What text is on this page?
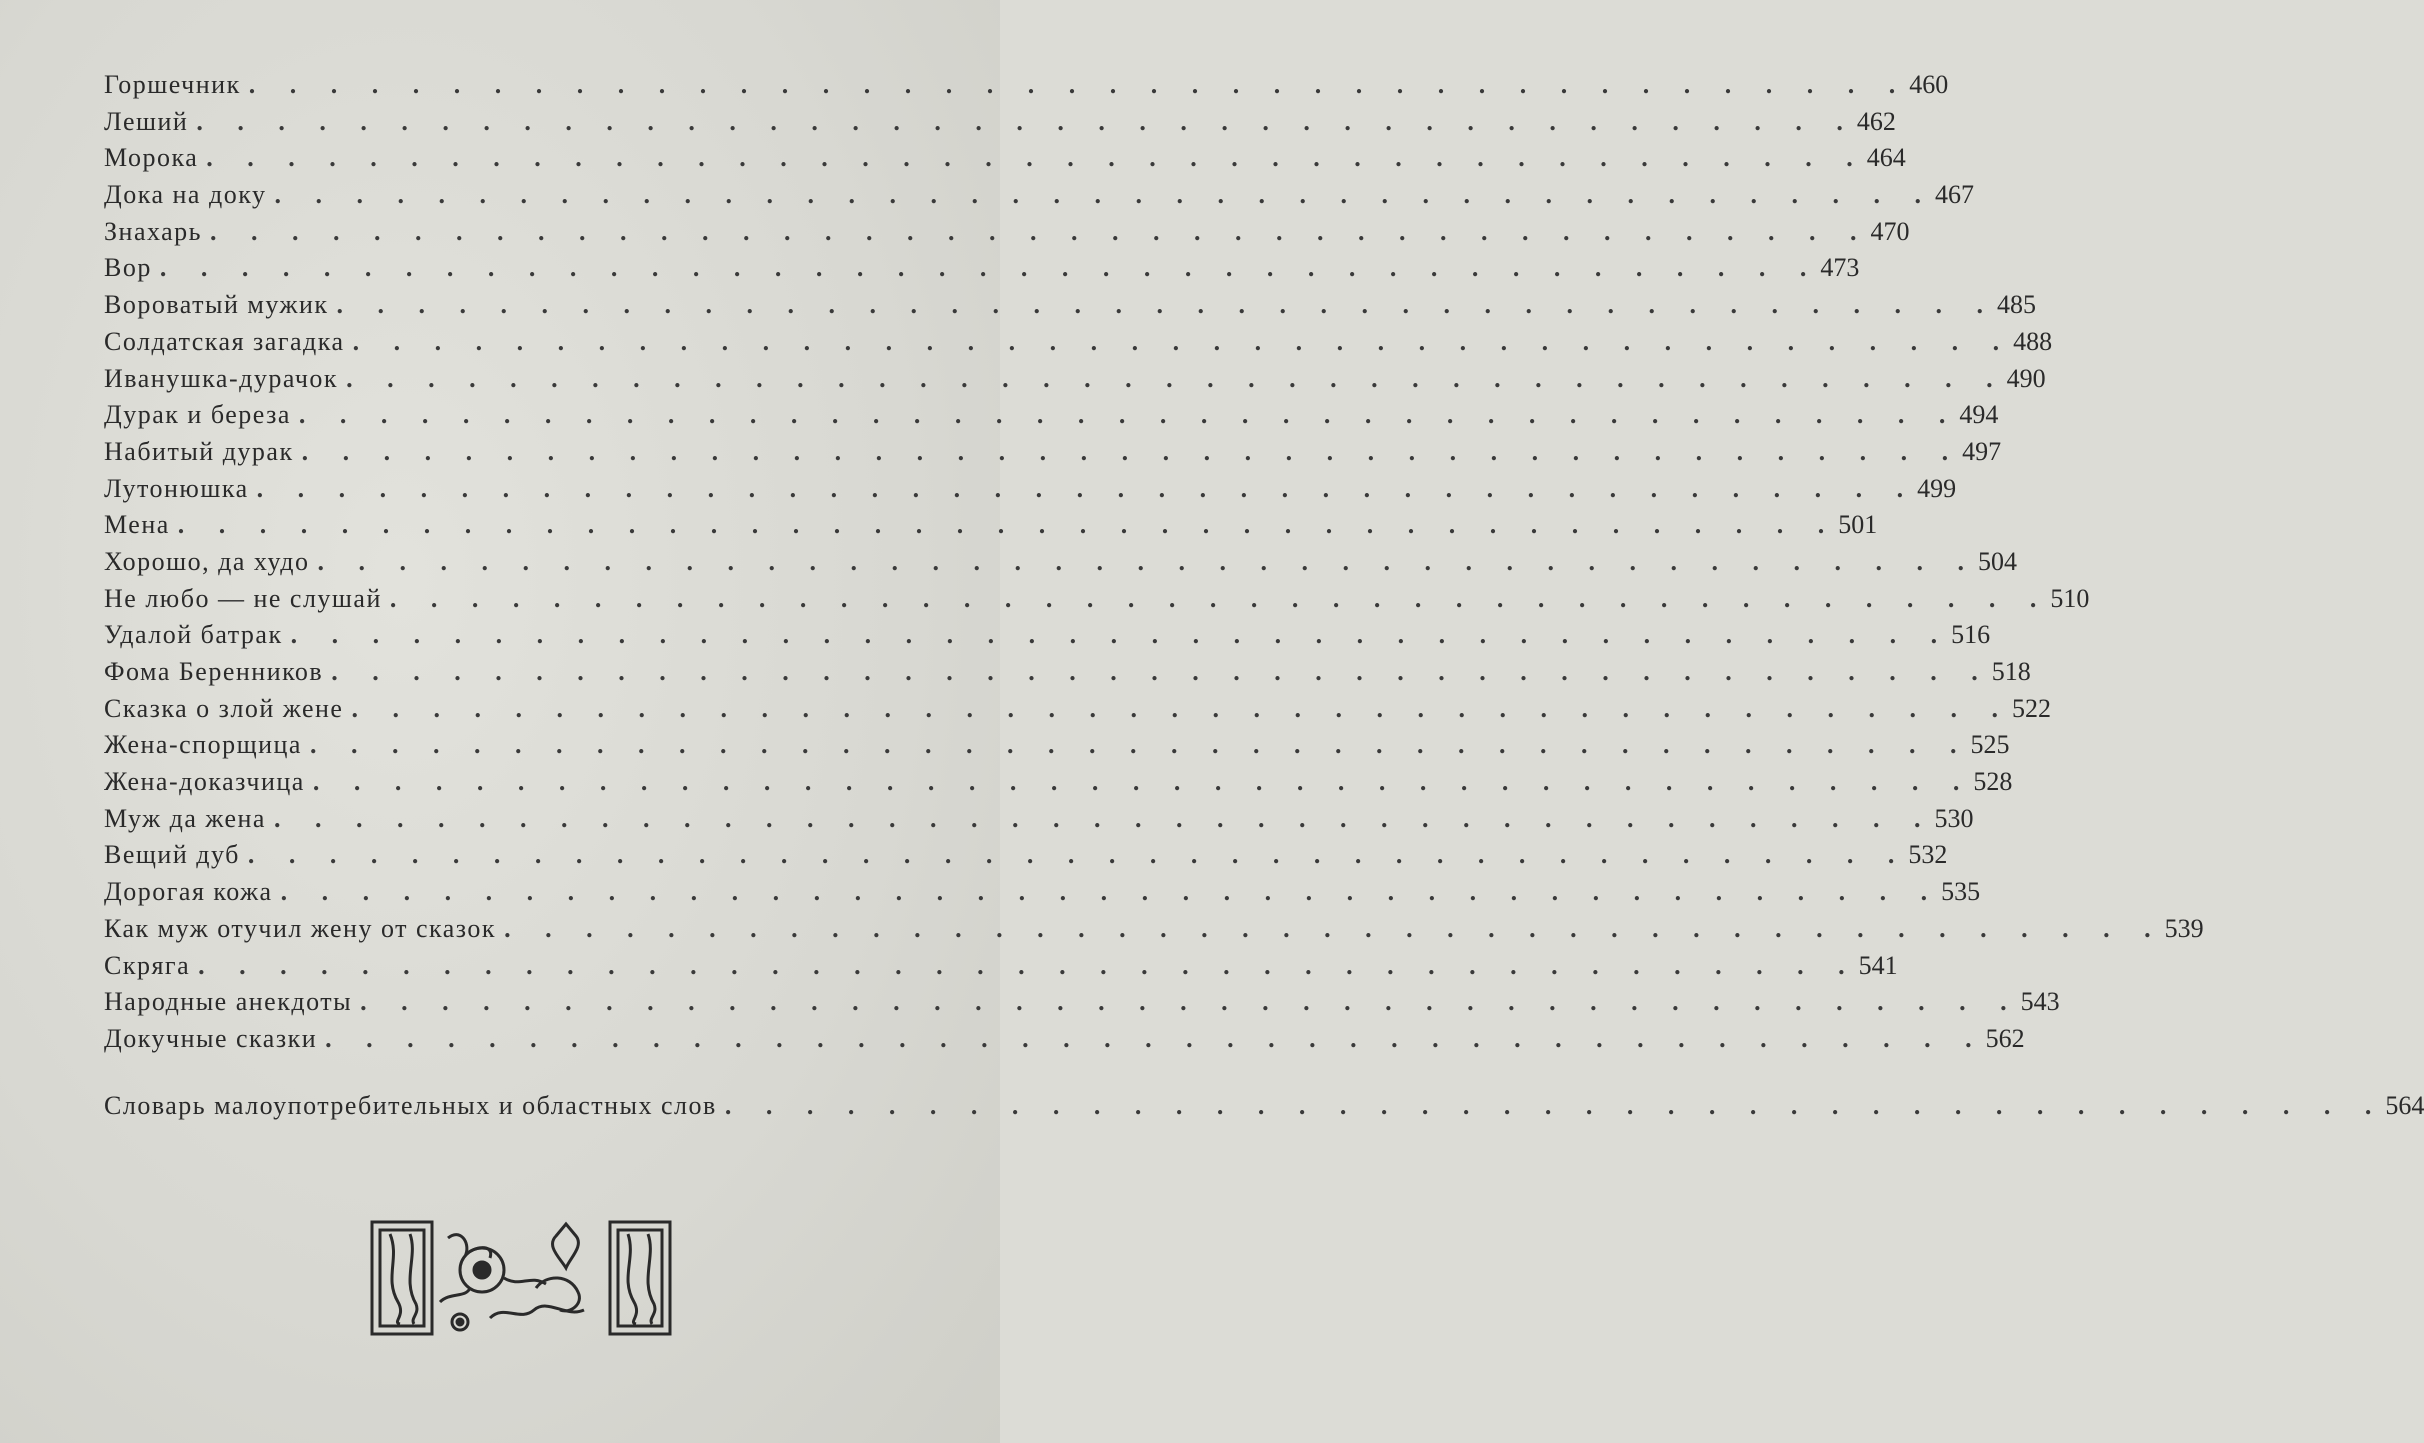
Горшечник . . . . . . . . . . . . . . . . . . . . . . . . . . . . . . . . . . . . . . . . . 460
Леший . . . . . . . . . . . . . . . . . . . . . . . . . . . . . . . . . . . . . . . . . 462
Морока . . . . . . . . . . . . . . . . . . . . . . . . . . . . . . . . . . . . . . . . . 464
Дока на доку . . . . . . . . . . . . . . . . . . . . . . . . . . . . . . . . . . . . . . . . . 467
Знахарь . . . . . . . . . . . . . . . . . . . . . . . . . . . . . . . . . . . . . . . . . 470
Вор . . . . . . . . . . . . . . . . . . . . . . . . . . . . . . . . . . . . . . . . . 473
Вороватый мужик . . . . . . . . . . . . . . . . . . . . . . . . . . . . . . . . . . . . . . . . . 485
Солдатская загадка . . . . . . . . . . . . . . . . . . . . . . . . . . . . . . . . . . . . . . . . . 488
Иванушка-дурачок . . . . . . . . . . . . . . . . . . . . . . . . . . . . . . . . . . . . . . . . . 490
Дурак и береза . . . . . . . . . . . . . . . . . . . . . . . . . . . . . . . . . . . . . . . . . 494
Набитый дурак . . . . . . . . . . . . . . . . . . . . . . . . . . . . . . . . . . . . . . . . . 497
Лутонюшка . . . . . . . . . . . . . . . . . . . . . . . . . . . . . . . . . . . . . . . . . 499
Мена . . . . . . . . . . . . . . . . . . . . . . . . . . . . . . . . . . . . . . . . . 501
Хорошо, да худо . . . . . . . . . . . . . . . . . . . . . . . . . . . . . . . . . . . . . . . . . 504
Не любо — не слушай . . . . . . . . . . . . . . . . . . . . . . . . . . . . . . . . . . . . . . . . . 510
Удалой батрак . . . . . . . . . . . . . . . . . . . . . . . . . . . . . . . . . . . . . . . . . 516
Фома Беренников . . . . . . . . . . . . . . . . . . . . . . . . . . . . . . . . . . . . . . . . . 518
Сказка о злой жене . . . . . . . . . . . . . . . . . . . . . . . . . . . . . . . . . . . . . . . . . 522
Жена-спорщица . . . . . . . . . . . . . . . . . . . . . . . . . . . . . . . . . . . . . . . . . 525
Жена-доказчица . . . . . . . . . . . . . . . . . . . . . . . . . . . . . . . . . . . . . . . . . 528
Муж да жена . . . . . . . . . . . . . . . . . . . . . . . . . . . . . . . . . . . . . . . . . 530
Вещий дуб . . . . . . . . . . . . . . . . . . . . . . . . . . . . . . . . . . . . . . . . . 532
Дорогая кожа . . . . . . . . . . . . . . . . . . . . . . . . . . . . . . . . . . . . . . . . . 535
Как муж отучил жену от сказок . . . . . . . . . . . . . . . . . . . . . . . . . . . . . . . . . . . . . . . . . 539
Скряга . . . . . . . . . . . . . . . . . . . . . . . . . . . . . . . . . . . . . . . . . 541
Народные анекдоты . . . . . . . . . . . . . . . . . . . . . . . . . . . . . . . . . . . . . . . . . 543
Докучные сказки . . . . . . . . . . . . . . . . . . . . . . . . . . . . . . . . . . . . . . . . . 562
Словарь малоупотребительных и областных слов . . . . . . . . . . . . . . . . . . . . . . . . . . . . . . . . . . . . . . . . . 564
